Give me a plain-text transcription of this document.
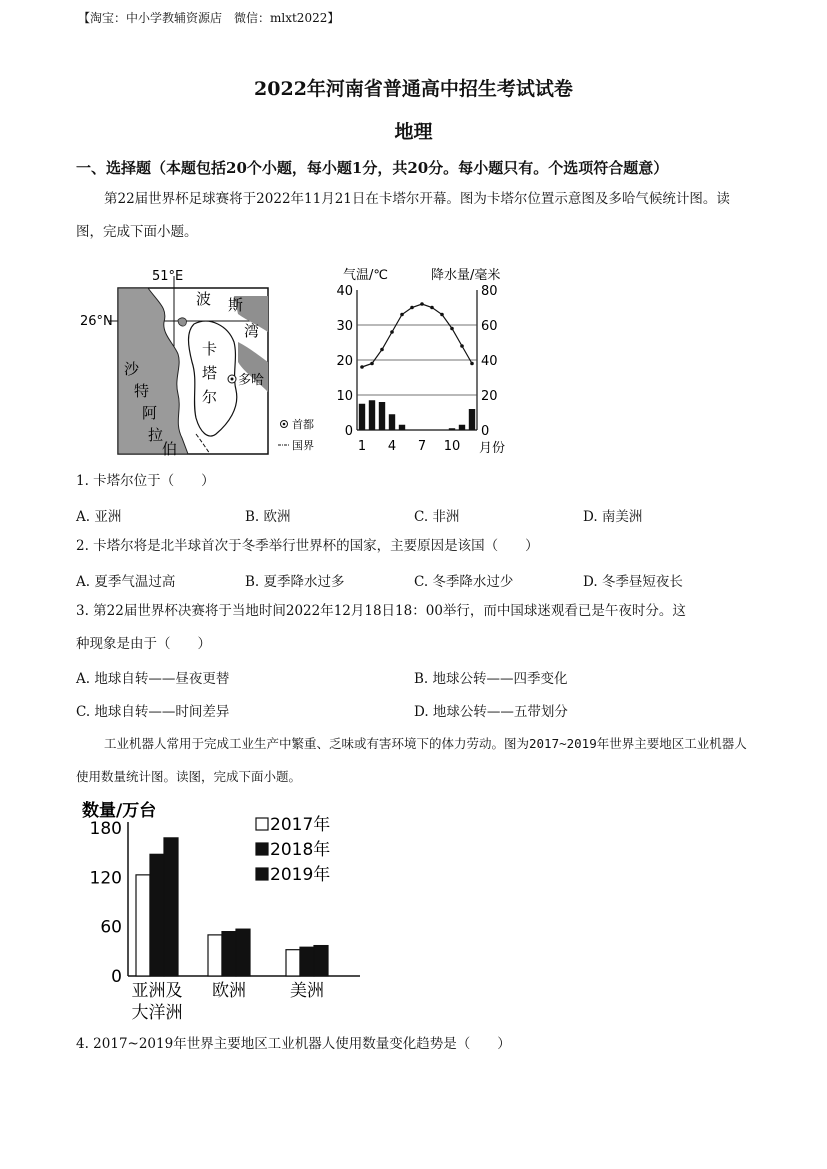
【淘宝：中小学教辅资源店　微信：mlxt2022】
2022年河南省普通高中招生考试试卷
地理
一、选择题（本题包括20个小题，每小题1分，共20分。每小题只有。个选项符合题意）
第22届世界杯足球赛将于2022年11月21日在卡塔尔开幕。图为卡塔尔位置示意图及多哈气候统计图。读图，完成下面小题。
51°E
26°N
波 斯
湾
卡
塔
尔
沙
特
阿
拉
伯
多哈
首都
国界
气温/℃	降水量/毫米
40
30
20
10
0
80
60
40
20
0
1 4 7 10 月份
1. 卡塔尔位于（　　）
A. 亚洲	B. 欧洲	C. 非洲	D. 南美洲
2. 卡塔尔将是北半球首次于冬季举行世界杯的国家，主要原因是该国（　　）
A. 夏季气温过高	B. 夏季降水过多	C. 冬季降水过少	D. 冬季昼短夜长
3. 第22届世界杯决赛将于当地时间2022年12月18日18：00举行，而中国球迷观看已是午夜时分。这
种现象是由于（　　）
A. 地球自转——昼夜更替	B. 地球公转——四季变化
C. 地球自转——时间差异	D. 地球公转——五带划分
工业机器人常用于完成工业生产中繁重、乏味或有害环境下的体力劳动。图为2017~2019年世界主要地区工业机器人使用数量统计图。读图，完成下面小题。
数量/万台
180
120
60
0
2017年
2018年
2019年
亚洲及
大洋洲
欧洲	美洲
4. 2017~2019年世界主要地区工业机器人使用数量变化趋势是（　　）
